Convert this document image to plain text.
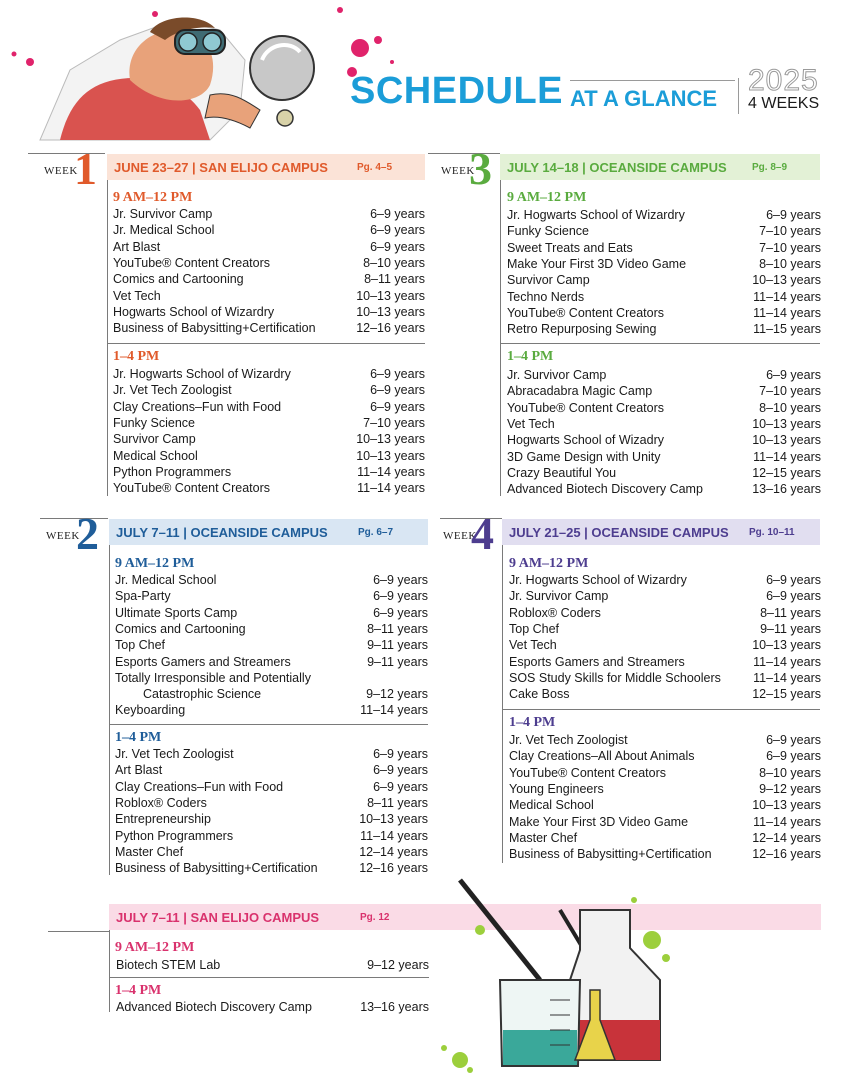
SCHEDULE AT A GLANCE
2025
4 WEEKS
WEEK
1 JUNE 23–27 | SAN ELIJO CAMPUS	Pg. 4–5
9 AM–12 PM
Jr. Survivor Camp	6–9 years
Jr. Medical School	6–9 years
Art Blast	6–9 years
YouTube® Content Creators	8–10 years
Comics and Cartooning	8–11 years
Vet Tech	10–13 years
Hogwarts School of Wizardry	10–13 years
Business of Babysitting+Certification	12–16 years
1–4 PM
Jr. Hogwarts School of Wizardry	6–9 years
Jr. Vet Tech Zoologist	6–9 years
Clay Creations–Fun with Food	6–9 years
Funky Science	7–10 years
Survivor Camp	10–13 years
Medical School	10–13 years
Python Programmers	11–14 years
YouTube® Content Creators	11–14 years
WEEK
3 JULY 14–18 | OCEANSIDE CAMPUS	Pg. 8–9
9 AM–12 PM
Jr. Hogwarts School of Wizardry	6–9 years
Funky Science	7–10 years
Sweet Treats and Eats	7–10 years
Make Your First 3D Video Game	8–10 years
Survivor Camp	10–13 years
Techno Nerds	11–14 years
YouTube® Content Creators	11–14 years
Retro Repurposing Sewing	11–15 years
1–4 PM
Jr. Survivor Camp	6–9 years
Abracadabra Magic Camp	7–10 years
YouTube® Content Creators	8–10 years
Vet Tech	10–13 years
Hogwarts School of Wizadry	10–13 years
3D Game Design with Unity	11–14 years
Crazy Beautiful You	12–15 years
Advanced Biotech Discovery Camp	13–16 years
WEEK
2 JULY 7–11 | OCEANSIDE CAMPUS	Pg. 6–7
9 AM–12 PM
Jr. Medical School	6–9 years
Spa-Party	6–9 years
Ultimate Sports Camp	6–9 years
Comics and Cartooning	8–11 years
Top Chef	9–11 years
Esports Gamers and Streamers	9–11 years
Totally Irresponsible and Potentially
Catastrophic Science	9–12 years
Keyboarding	11–14 years
1–4 PM
Jr. Vet Tech Zoologist	6–9 years
Art Blast	6–9 years
Clay Creations–Fun with Food	6–9 years
Roblox® Coders	8–11 years
Entrepreneurship	10–13 years
Python Programmers	11–14 years
Master Chef	12–14 years
Business of Babysitting+Certification	12–16 years
WEEK
4 JULY 21–25 | OCEANSIDE CAMPUS Pg. 10–11
9 AM–12 PM
Jr. Hogwarts School of Wizardry	6–9 years
Jr. Survivor Camp	6–9 years
Roblox® Coders	8–11 years
Top Chef	9–11 years
Vet Tech	10–13 years
Esports Gamers and Streamers	11–14 years
SOS Study Skills for Middle Schoolers	11–14 years
Cake Boss	12–15 years
1–4 PM
Jr. Vet Tech Zoologist	6–9 years
Clay Creations–All About Animals	6–9 years
YouTube® Content Creators	8–10 years
Young Engineers	9–12 years
Medical School	10–13 years
Make Your First 3D Video Game	11–14 years
Master Chef	12–14 years
Business of Babysitting+Certification	12–16 years
JULY 7–11 | SAN ELIJO CAMPUS	Pg. 12
9 AM–12 PM
Biotech STEM Lab	9–12 years
1–4 PM
Advanced Biotech Discovery Camp	13–16 years
